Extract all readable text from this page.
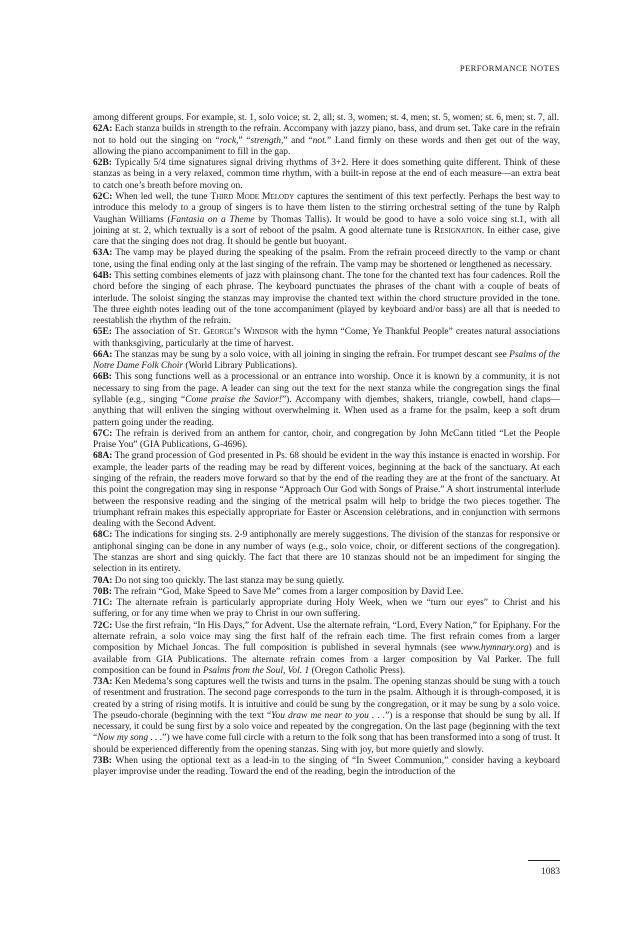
PERFORMANCE NOTES

among different groups. For example, st. 1, solo voice; st. 2, all; st. 3, women; st. 4, men; st. 5, women; st. 6, men; st. 7, all.

62A: Each stanza builds in strength to the refrain. Accompany with jazzy piano, bass, and drum set. Take care in the refrain not to hold out the singing on “rock,” “strength,” and “not.” Land firmly on these words and then get out of the way, allowing the piano accompaniment to fill in the gap.

62B: Typically 5/4 time signatures signal driving rhythms of 3+2. Here it does something quite different. Think of these stanzas as being in a very relaxed, common time rhythm, with a built-in repose at the end of each measure—an extra beat to catch one’s breath before moving on.

62C: When led well, the tune Third Mode Melody captures the sentiment of this text perfectly. Perhaps the best way to introduce this melody to a group of singers is to have them listen to the stirring orchestral setting of the tune by Ralph Vaughan Williams (Fantasia on a Theme by Thomas Tallis). It would be good to have a solo voice sing st.1, with all joining at st. 2, which textually is a sort of reboot of the psalm. A good alternate tune is Resignation. In either case, give care that the singing does not drag. It should be gentle but buoyant.

63A: The vamp may be played during the speaking of the psalm. From the refrain proceed directly to the vamp or chant tone, using the final ending only at the last singing of the refrain. The vamp may be shortened or lengthened as necessary.

64B: This setting combines elements of jazz with plainsong chant. The tone for the chanted text has four cadences. Roll the chord before the singing of each phrase. The keyboard punctuates the phrases of the chant with a couple of beats of interlude. The soloist singing the stanzas may improvise the chanted text within the chord structure provided in the tone. The three eighth notes leading out of the tone accompaniment (played by keyboard and/or bass) are all that is needed to reestablish the rhythm of the refrain.

65E: The association of St. George’s Windsor with the hymn “Come, Ye Thankful People” creates natural associations with thanksgiving, particularly at the time of harvest.

66A: The stanzas may be sung by a solo voice, with all joining in singing the refrain. For trumpet descant see Psalms of the Notre Dame Folk Choir (World Library Publications).

66B: This song functions well as a processional or an entrance into worship. Once it is known by a community, it is not necessary to sing from the page. A leader can sing out the text for the next stanza while the congregation sings the final syllable (e.g., singing “Come praise the Savior!”). Accompany with djembes, shakers, triangle, cowbell, hand claps—anything that will enliven the singing without overwhelming it. When used as a frame for the psalm, keep a soft drum pattern going under the reading.

67C: The refrain is derived from an anthem for cantor, choir, and congregation by John McCann titled “Let the People Praise You” (GIA Publications, G-4696).

68A: The grand procession of God presented in Ps. 68 should be evident in the way this instance is enacted in worship. For example, the leader parts of the reading may be read by different voices, beginning at the back of the sanctuary. At each singing of the refrain, the readers move forward so that by the end of the reading they are at the front of the sanctuary. At this point the congregation may sing in response “Approach Our God with Songs of Praise.” A short instrumental interlude between the responsive reading and the singing of the metrical psalm will help to bridge the two pieces together. The triumphant refrain makes this especially appropriate for Easter or Ascension celebrations, and in conjunction with sermons dealing with the Second Advent.

68C: The indications for singing sts. 2-9 antiphonally are merely suggestions. The division of the stanzas for responsive or antiphonal singing can be done in any number of ways (e.g., solo voice, choir, or different sections of the congregation). The stanzas are short and sing quickly. The fact that there are 10 stanzas should not be an impediment for singing the selection in its entirety.

70A: Do not sing too quickly. The last stanza may be sung quietly.

70B: The refrain “God, Make Speed to Save Me” comes from a larger composition by David Lee.

71C: The alternate refrain is particularly appropriate during Holy Week, when we “turn our eyes” to Christ and his suffering, or for any time when we pray to Christ in our own suffering.

72C: Use the first refrain, “In His Days,” for Advent. Use the alternate refrain, “Lord, Every Nation,” for Epiphany. For the alternate refrain, a solo voice may sing the first half of the refrain each time. The first refrain comes from a larger composition by Michael Joncas. The full composition is published in several hymnals (see www.hymnary.org) and is available from GIA Publications. The alternate refrain comes from a larger composition by Val Parker. The full composition can be found in Psalms from the Soul, Vol. 1 (Oregon Catholic Press).

73A: Ken Medema’s song captures well the twists and turns in the psalm. The opening stanzas should be sung with a touch of resentment and frustration. The second page corresponds to the turn in the psalm. Although it is through-composed, it is created by a string of rising motifs. It is intuitive and could be sung by the congregation, or it may be sung by a solo voice. The pseudo-chorale (beginning with the text “You draw me near to you . . .”) is a response that should be sung by all. If necessary, it could be sung first by a solo voice and repeated by the congregation. On the last page (beginning with the text “Now my song . . .”) we have come full circle with a return to the folk song that has been transformed into a song of trust. It should be experienced differently from the opening stanzas. Sing with joy, but more quietly and slowly.

73B: When using the optional text as a lead-in to the singing of “In Sweet Communion,” consider having a keyboard player improvise under the reading. Toward the end of the reading, begin the introduction of the

1083
